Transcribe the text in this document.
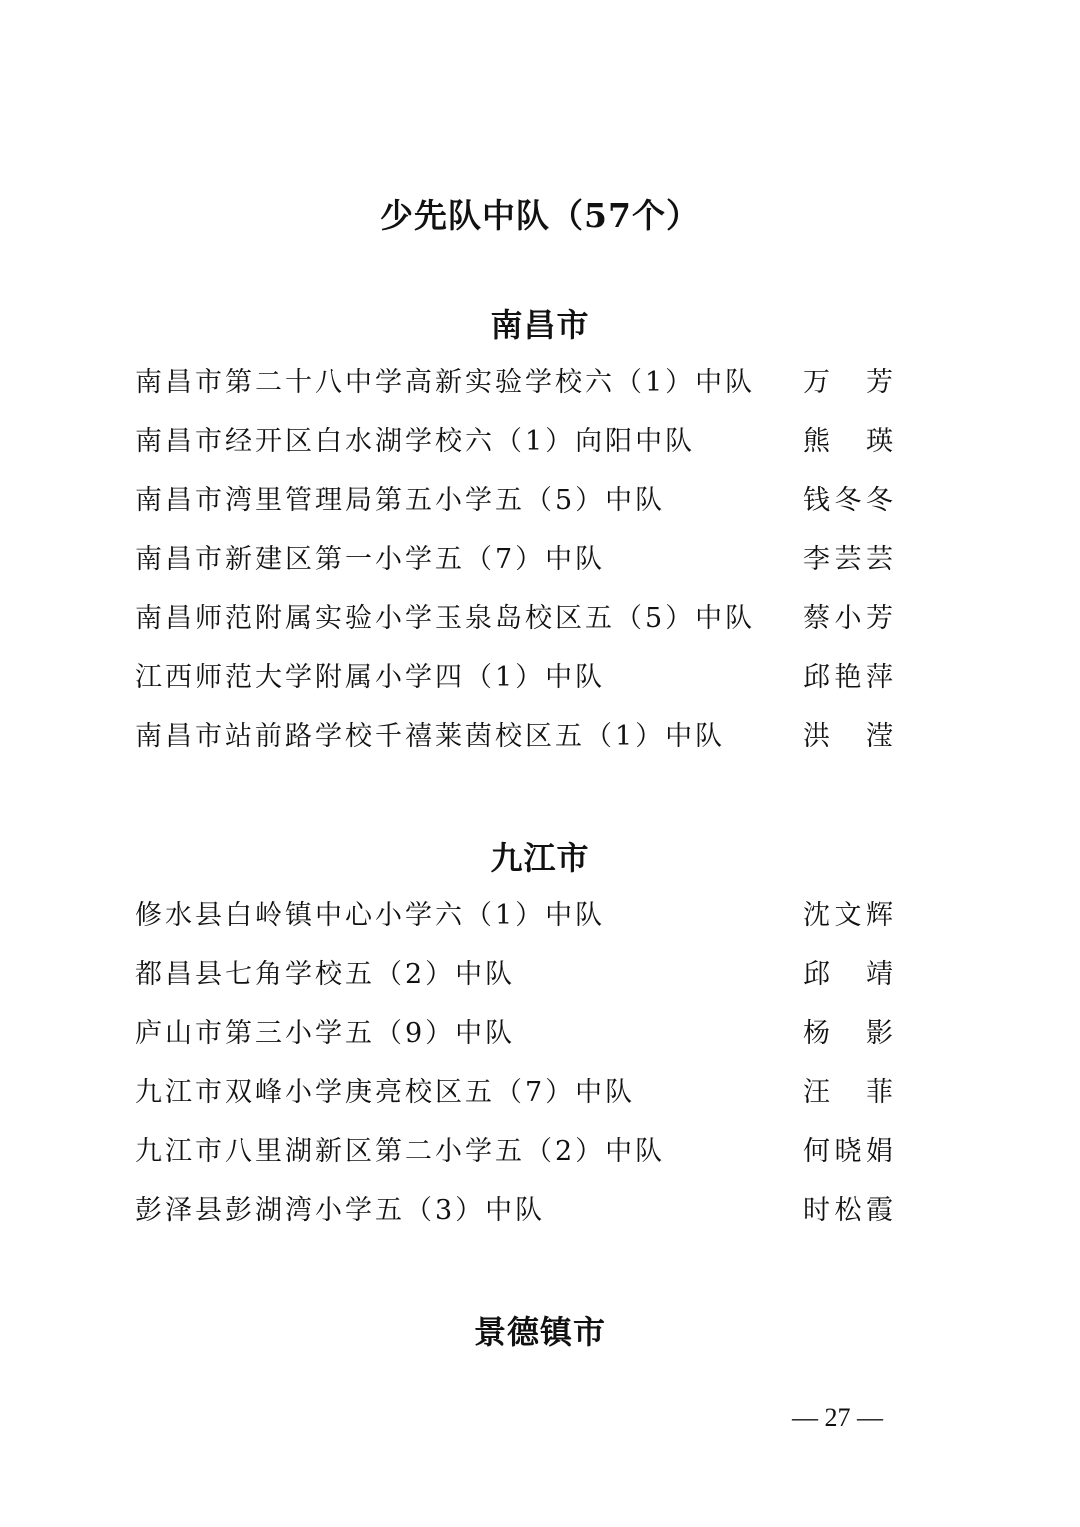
少先队中队（57个）
南昌市
南昌市第二十八中学高新实验学校六（1）中队 万 芳
南昌市经开区白水湖学校六（1）向阳中队	熊 瑛
南昌市湾里管理局第五小学五（5）中队	钱 冬 冬
南昌市新建区第一小学五（7）中队	李 芸 芸
南昌师范附属实验小学玉泉岛校区五（5）中队 蔡 小 芳
江西师范大学附属小学四（1）中队	邱 艳 萍
南昌市站前路学校千禧莱茵校区五（1）中队	洪 滢
九江市
修水县白岭镇中心小学六（1）中队	沈 文 辉
都昌县七角学校五（2）中队	邱 靖
庐山市第三小学五（9）中队	杨 影
九江市双峰小学庚亮校区五（7）中队	汪 菲
九江市八里湖新区第二小学五（2）中队	何 晓 娟
彭泽县彭湖湾小学五（3）中队	时 松 霞
景德镇市
— 27 —
